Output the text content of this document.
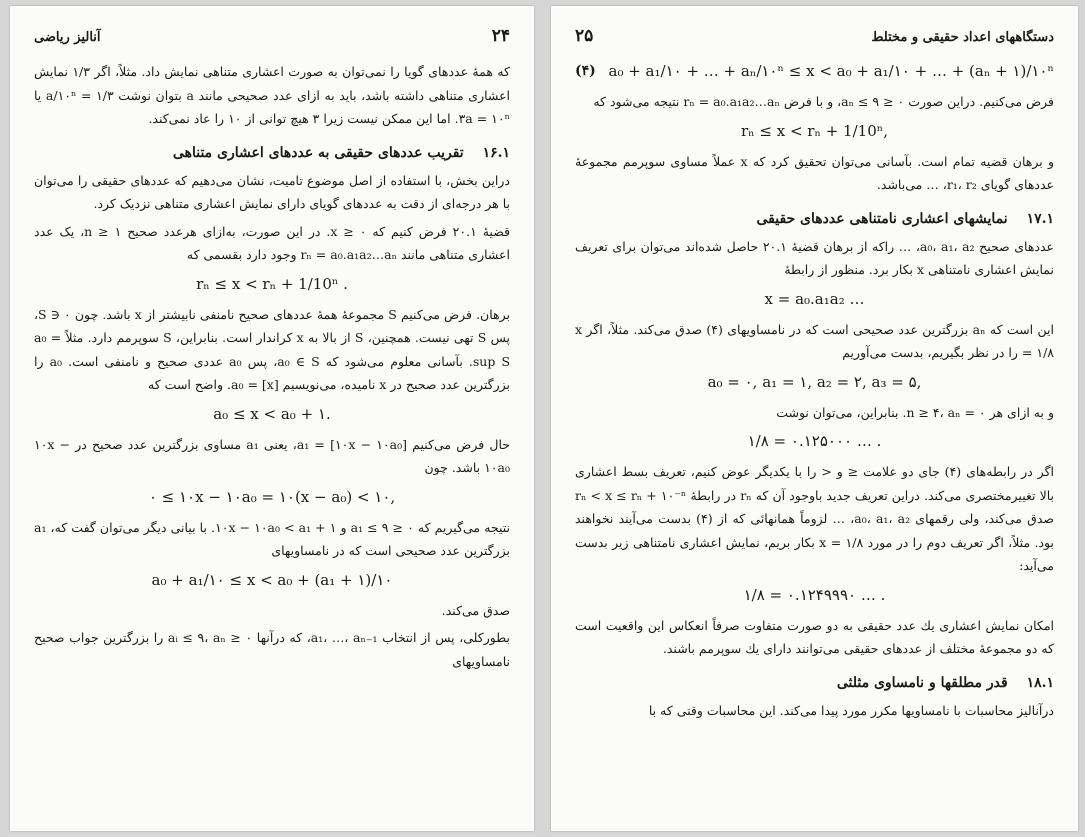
آنالیز ریاضی	۲۴

که همهٔ عددهای گویا را نمی‌توان به صورت اعشاری متناهی نمایش داد. مثلاً، اگر ۱/۳ نمایش اعشاری متناهی داشته باشد، باید به ازای عدد صحیحی مانند a بتوان نوشت a/۱۰ⁿ = ۱/۳ یا ۳a = ۱۰ⁿ. اما این ممکن نیست زیرا ۳ هیچ توانی از ۱۰ را عاد نمی‌کند.

۱۶.۱ تقریب عددهای حقیقی به عددهای اعشاری متناهی

دراین بخش، با استفاده از اصل موضوع تامیت، نشان می‌دهیم که عددهای حقیقی را می‌توان با هر درجه‌ای از دقت به عددهای گویای دارای نمایش اعشاری متناهی نزدیک کرد.

قضیهٔ ۲۰.۱ فرض کنیم که x ≥ ۰. در این صورت، به‌ازای هرعدد صحیح n ≥ ۱، یک عدد اعشاری متناهی مانند rₙ = a₀.a₁a₂…aₙ وجود دارد بقسمی که

rₙ ≤ x < rₙ + 1/10ⁿ .

برهان. فرض می‌کنیم S مجموعهٔ همهٔ عددهای صحیح نامنفی نابیشتر از x باشد. چون S ∋ ۰، پس S تهی نیست. همچنین، S از بالا به x کراندار است. بنابراین، S سوپرمم دارد. مثلاً a₀ = sup S. بآسانی معلوم می‌شود که a₀ ∈ S، پس a₀ عددی صحیح و نامنفی است. a₀ را بزرگترین عدد صحیح در x نامیده، می‌نویسیم a₀ = [x]. واضح است که

a₀ ≤ x < a₀ + ۱.

حال فرض می‌کنیم a₁ = [۱۰x − ۱۰a₀]، یعنی a₁ مساوی بزرگترین عدد صحیح در ۱۰x − ۱۰a₀ باشد. چون

۰ ≤ ۱۰x − ۱۰a₀ = ۱۰(x − a₀) < ۱۰,

نتیجه می‌گیریم که ۰ ≤ a₁ ≤ ۹ و ۱۰x − ۱۰a₀ < a₁ + ۱. با بیانی دیگر می‌توان گفت که، a₁ بزرگترین عدد صحیحی است که در نامساویهای

a₀ + a₁/۱۰ ≤ x < a₀ + (a₁ + ۱)/۱۰

صدق می‌کند.

بطورکلی، پس از انتخاب a₁، …، aₙ₋₁، که درآنها ۰ ≤ aᵢ ≤ ۹، aₙ را بزرگترین جواب صحیح نامساویهای

۲۵	دستگاههای اعداد حقیقی و مختلط
(۴) a₀ + a₁/۱۰ + … + aₙ/۱۰ⁿ ≤ x < a₀ + a₁/۱۰ + … + (aₙ + ۱)/۱۰ⁿ

فرض می‌کنیم. دراین صورت ۰ ≤ aₙ ≤ ۹، و با فرض rₙ = a₀.a₁a₂…aₙ نتیجه می‌شود که

rₙ ≤ x < rₙ + 1/10ⁿ,

و برهان قضیه تمام است. بآسانی می‌توان تحقیق کرد که x عملاً مساوی سوپرمم مجموعهٔ عددهای گویای r₁، r₂، … می‌باشد.

۱۷.۱ نمایشهای اعشاری نامتناهی عددهای حقیقی

عددهای صحیح a₀، a₁، a₂، … راکه از برهان قضیهٔ ۲۰.۱ حاصل شده‌اند می‌توان برای تعریف نمایش اعشاری نامتناهی x بکار برد. منظور از رابطهٔ

x = a₀.a₁a₂ …

این است که aₙ بزرگترین عدد صحیحی است که در نامساویهای (۴) صدق می‌کند. مثلاً، اگر x = ۱/۸ را در نظر بگیریم، بدست می‌آوریم

a₀ = ۰, a₁ = ۱, a₂ = ۲, a₃ = ۵,

و به ازای هر n ≥ ۴، aₙ = ۰. بنابراین، می‌توان نوشت

۱/۸ = ۰.۱۲۵۰۰۰ … .

اگر در رابطه‌های (۴) جای دو علامت ≤ و < را با یکدیگر عوض کنیم، تعریف بسط اعشاری بالا تغییرمختصری می‌کند. دراین تعریف جدید باوجود آن که rₙ در رابطهٔ rₙ < x ≤ rₙ + ۱۰⁻ⁿ صدق می‌کند، ولی رقمهای a₀، a₁، a₂، … لزوماً همانهائی که از (۴) بدست می‌آیند نخواهند بود. مثلاً، اگر تعریف دوم را در مورد x = ۱/۸ بکار بریم، نمایش اعشاری نامتناهی زیر بدست می‌آید:

۱/۸ = ۰.۱۲۴۹۹۹۰ … .

امکان نمایش اعشاری یك عدد حقیقی به دو صورت متفاوت صرفاً انعکاس این واقعیت است که دو مجموعهٔ مختلف از عددهای حقیقی می‌توانند دارای یك سوپرمم باشند.

۱۸.۱ قدر مطلقها و نامساوی مثلثی

درآنالیز محاسبات با نامساویها مکرر مورد پیدا می‌کند. این محاسبات وقتی که با
